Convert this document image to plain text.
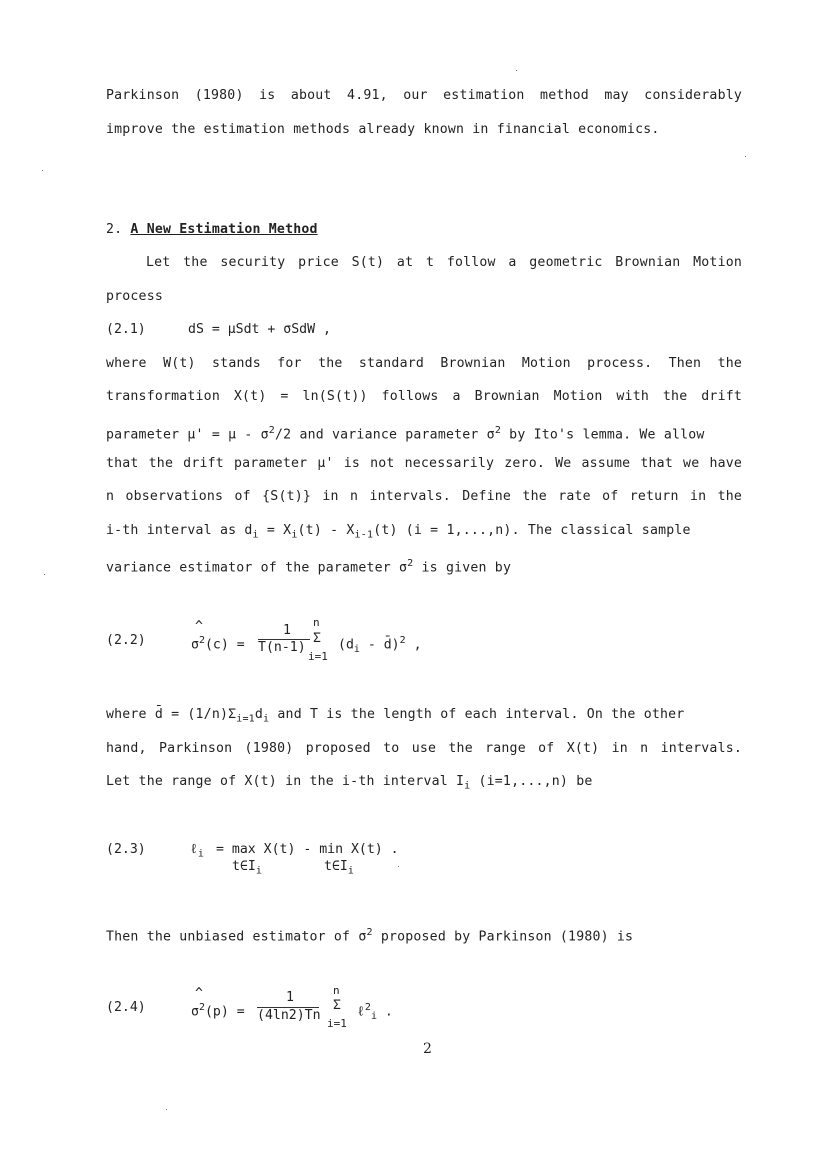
Parkinson (1980) is about 4.91, our estimation method may considerably
improve the estimation methods already known in financial economics.
2. A New Estimation Method
Let the security price S(t) at t follow a geometric Brownian Motion
process
(2.1)	dS = μSdt + σSdW ,
where W(t) stands for the standard Brownian Motion process. Then the
transformation X(t) = ln(S(t)) follows a Brownian Motion with the drift
parameter $\mu' = \mu - \sigma^2/2$ and variance parameter $\sigma^2$ by Ito's lemma. We allow
that the drift parameter μ' is not necessarily zero. We assume that we have
n observations of {S(t)} in n intervals. Define the rate of return in the
i-th interval as $d_i = X_i(t) - X_{i-1}(t) (i = 1,...,n)$. The classical sample
variance estimator of the parameter $\sigma^2$ is given by
(2.2)
^
$\sigma^2(c)$ =
1
T(n-1)
n
Σ
i=1
($d_i$ - d̄)$^2$ ,
where d̄ = $(1/n)\Sigma_{i=1}d_i$ and T is the length of each interval. On the other
hand, Parkinson (1980) proposed to use the range of X(t) in n intervals.
Let the range of X(t) in the i-th interval $I_i$ (i=1,...,n) be
(2.3)	ℓ$_i$ = max X(t) - min X(t) .
$t\in I_i$	$t\in I_i$
Then the unbiased estimator of $\sigma^2$ proposed by Parkinson (1980) is
(2.4)
^
$\sigma^2(p)$ =
1
(4ln2)Tn
n
Σ
i=1
ℓ$^2_i$ .
2
